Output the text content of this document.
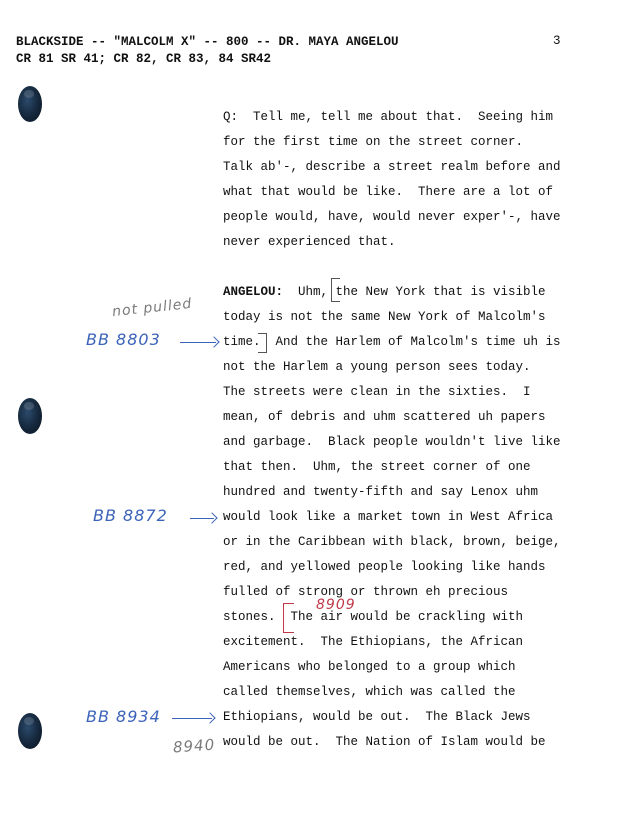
BLACKSIDE -- "MALCOLM X" -- 800 -- DR. MAYA ANGELOU
CR 81 SR 41; CR 82, CR 83, 84 SR42
3
Q:  Tell me, tell me about that.  Seeing him
for the first time on the street corner.
Talk ab'-, describe a street realm before and
what that would be like.  There are a lot of
people would, have, would never exper'-, have
never experienced that.
ANGELOU:  Uhm, the New York that is visible
today is not the same New York of Malcolm's
time.  And the Harlem of Malcolm's time uh is
not the Harlem a young person sees today.
The streets were clean in the sixties.  I
mean, of debris and uhm scattered uh papers
and garbage.  Black people wouldn't live like
that then.  Uhm, the street corner of one
hundred and twenty-fifth and say Lenox uhm
would look like a market town in West Africa
or in the Caribbean with black, brown, beige,
red, and yellowed people looking like hands
fulled of strong or thrown eh precious
stones.  The air would be crackling with
excitement.  The Ethiopians, the African
Americans who belonged to a group which
called themselves, which was called the
Ethiopians, would be out.  The Black Jews
would be out.  The Nation of Islam would be
not pulled
BB 8803
BB 8872
BB 8934
8909
8940
